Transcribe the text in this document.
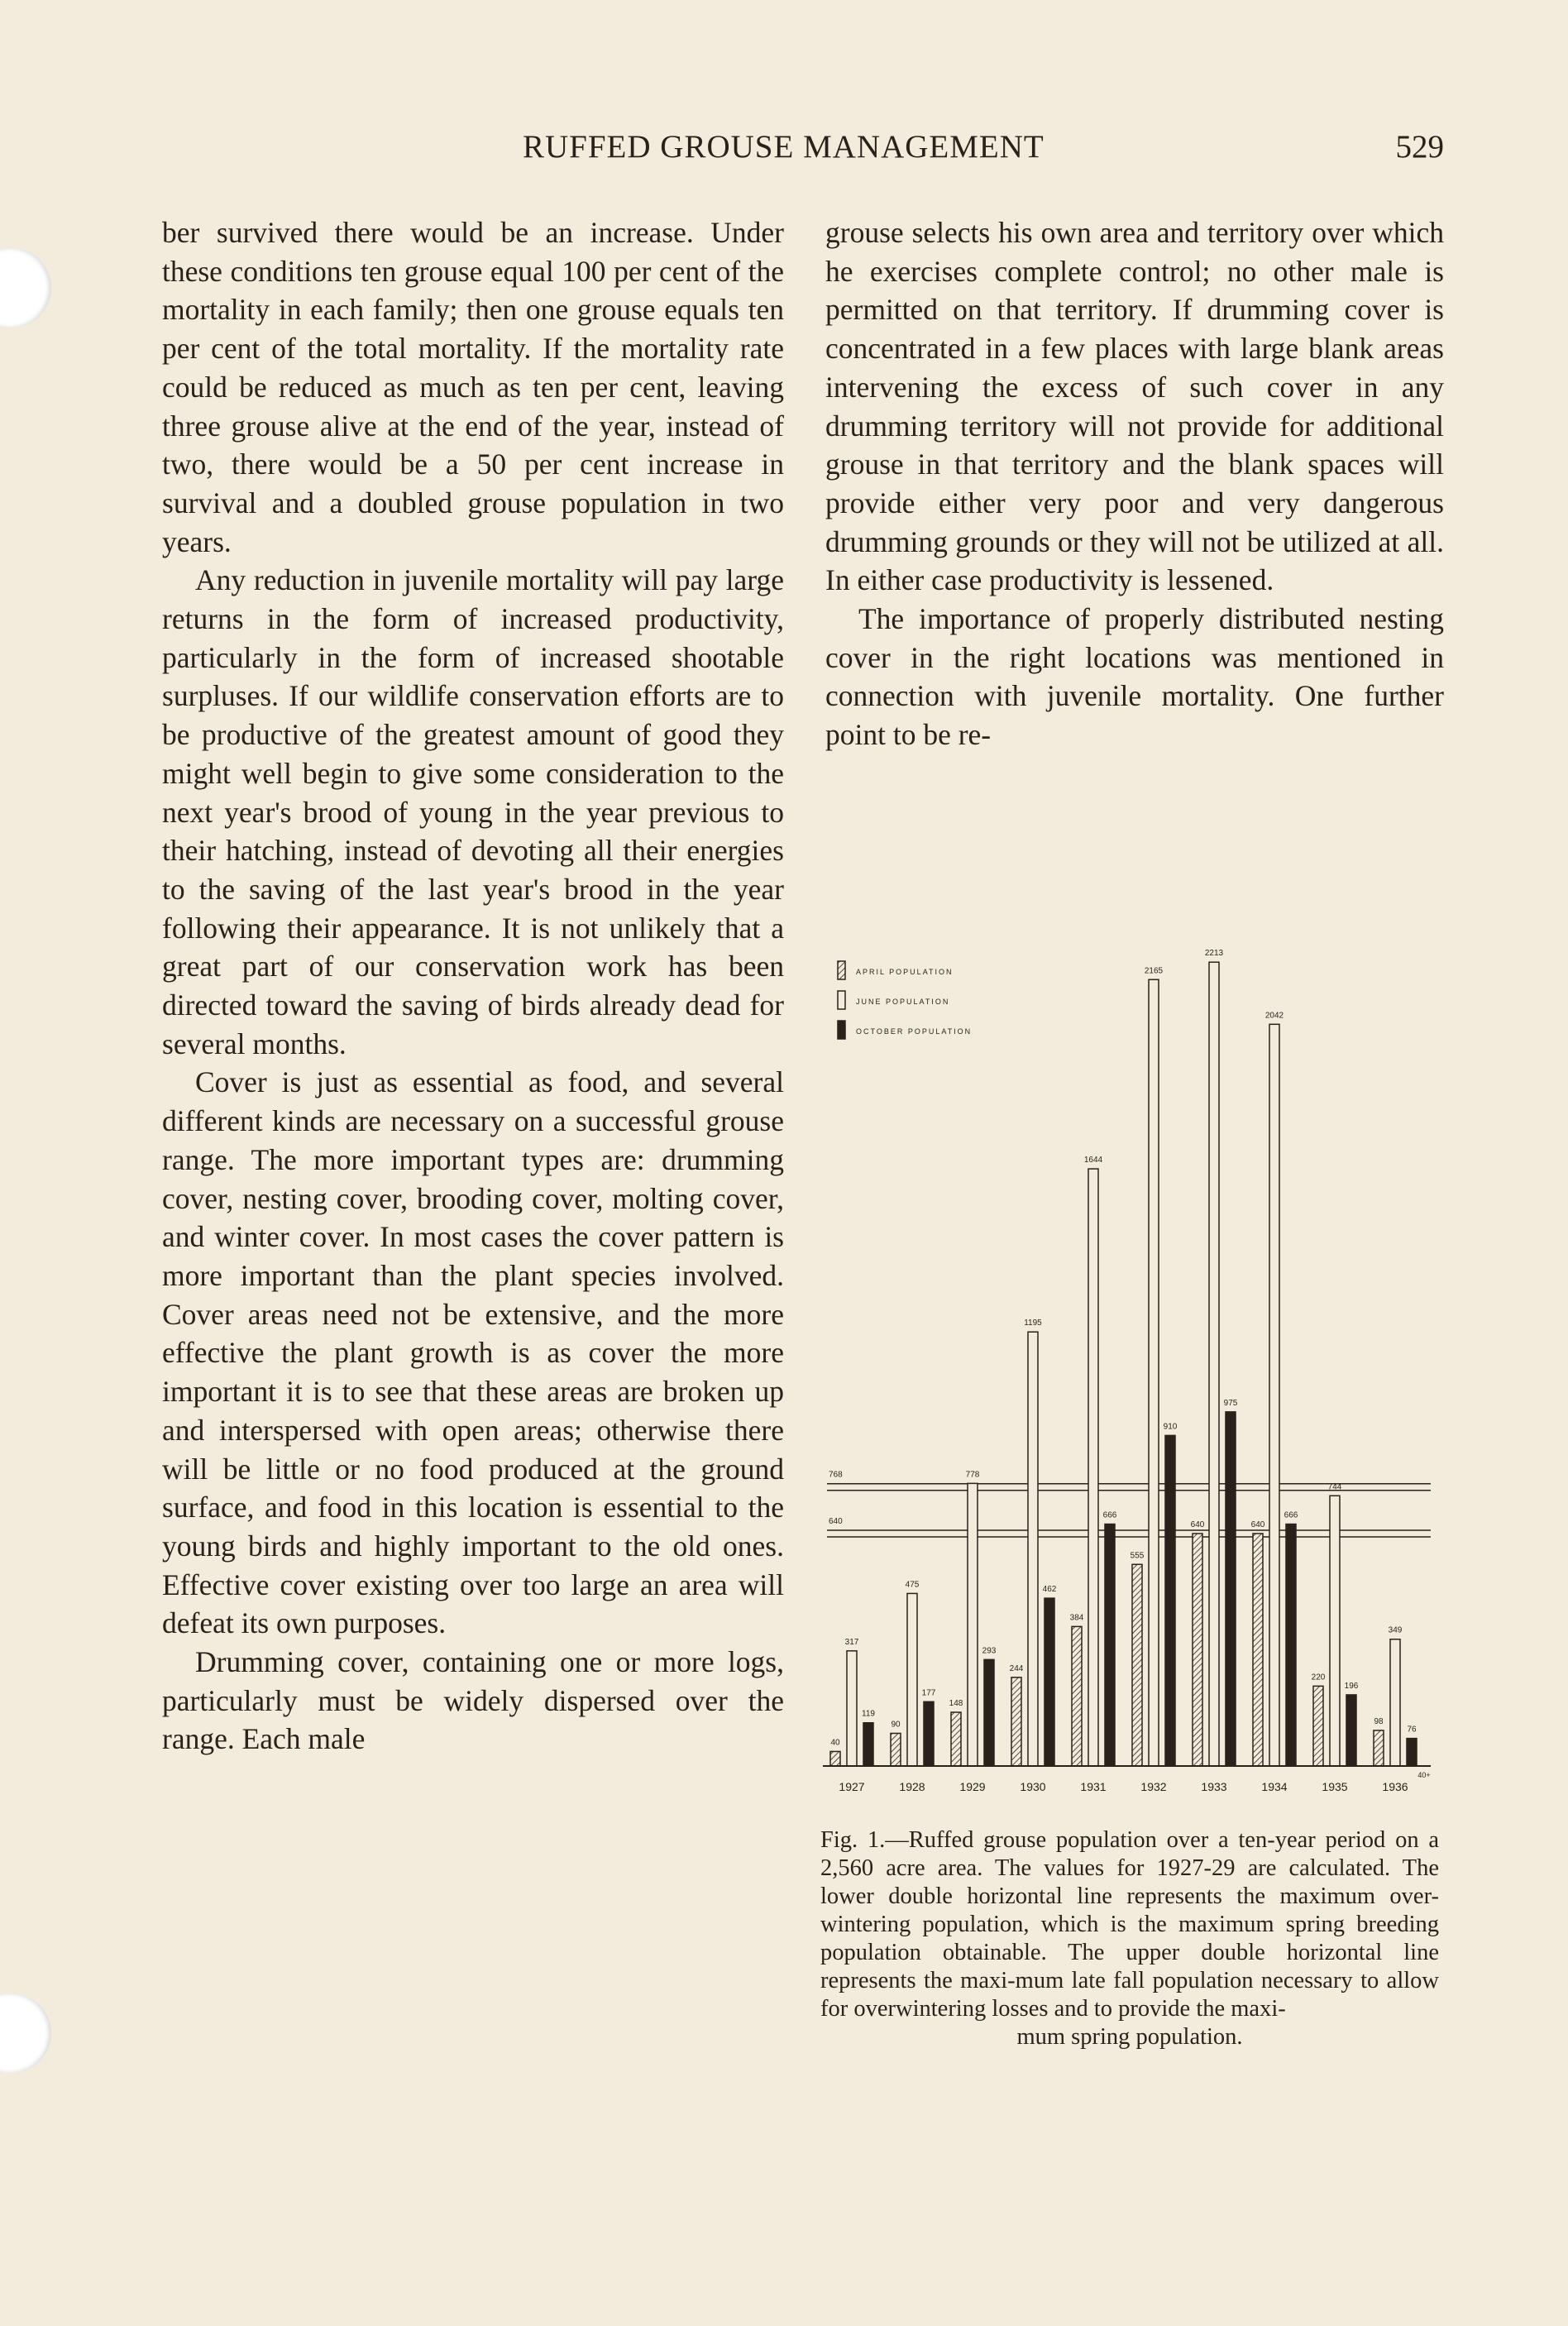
RUFFED GROUSE MANAGEMENT	529

ber survived there would be an increase. Under these conditions ten grouse equal 100 per cent of the mortality in each family; then one grouse equals ten per cent of the total mortality. If the mortality rate could be reduced as much as ten per cent, leaving three grouse alive at the end of the year, instead of two, there would be a 50 per cent increase in survival and a doubled grouse population in two years.

Any reduction in juvenile mortality will pay large returns in the form of increased productivity, particularly in the form of increased shootable surpluses. If our wildlife conservation efforts are to be productive of the greatest amount of good they might well begin to give some consideration to the next year's brood of young in the year previous to their hatching, instead of devoting all their energies to the saving of the last year's brood in the year following their appearance. It is not unlikely that a great part of our conservation work has been directed toward the saving of birds already dead for several months.

Cover is just as essential as food, and several different kinds are necessary on a successful grouse range. The more important types are: drumming cover, nesting cover, brooding cover, molting cover, and winter cover. In most cases the cover pattern is more important than the plant species involved. Cover areas need not be extensive, and the more effective the plant growth is as cover the more important it is to see that these areas are broken up and interspersed with open areas; otherwise there will be little or no food produced at the ground surface, and food in this location is essential to the young birds and highly important to the old ones. Effective cover existing over too large an area will defeat its own purposes.

Drumming cover, containing one or more logs, particularly must be widely dispersed over the range. Each male

grouse selects his own area and territory over which he exercises complete control; no other male is permitted on that territory. If drumming cover is concentrated in a few places with large blank areas intervening the excess of such cover in any drumming territory will not provide for additional grouse in that territory and the blank spaces will provide either very poor and very dangerous drumming grounds or they will not be utilized at all. In either case productivity is lessened.

The importance of properly distributed nesting cover in the right locations was mentioned in connection with juvenile mortality. One further point to be re-

768
640
40
317
119
90
475
177
148
778
293
244
1195
462
384
1644
666
555
2165
910
640
2213
975
640
2042
666
220
744
196
98
349
76
1927	1928	1929	1930	1931	1932	1933	1934	1935	1936
APRIL POPULATION
JUNE POPULATION
OCTOBER POPULATION
40+
Fig. 1.—Ruffed grouse population over a ten-year period on a 2,560 acre area. The values for 1927-29 are calculated. The lower double horizontal line represents the maximum over-wintering population, which is the maximum spring breeding population obtainable. The upper double horizontal line represents the maxi-mum late fall population necessary to allow for overwintering losses and to provide the maxi-
mum spring population.
